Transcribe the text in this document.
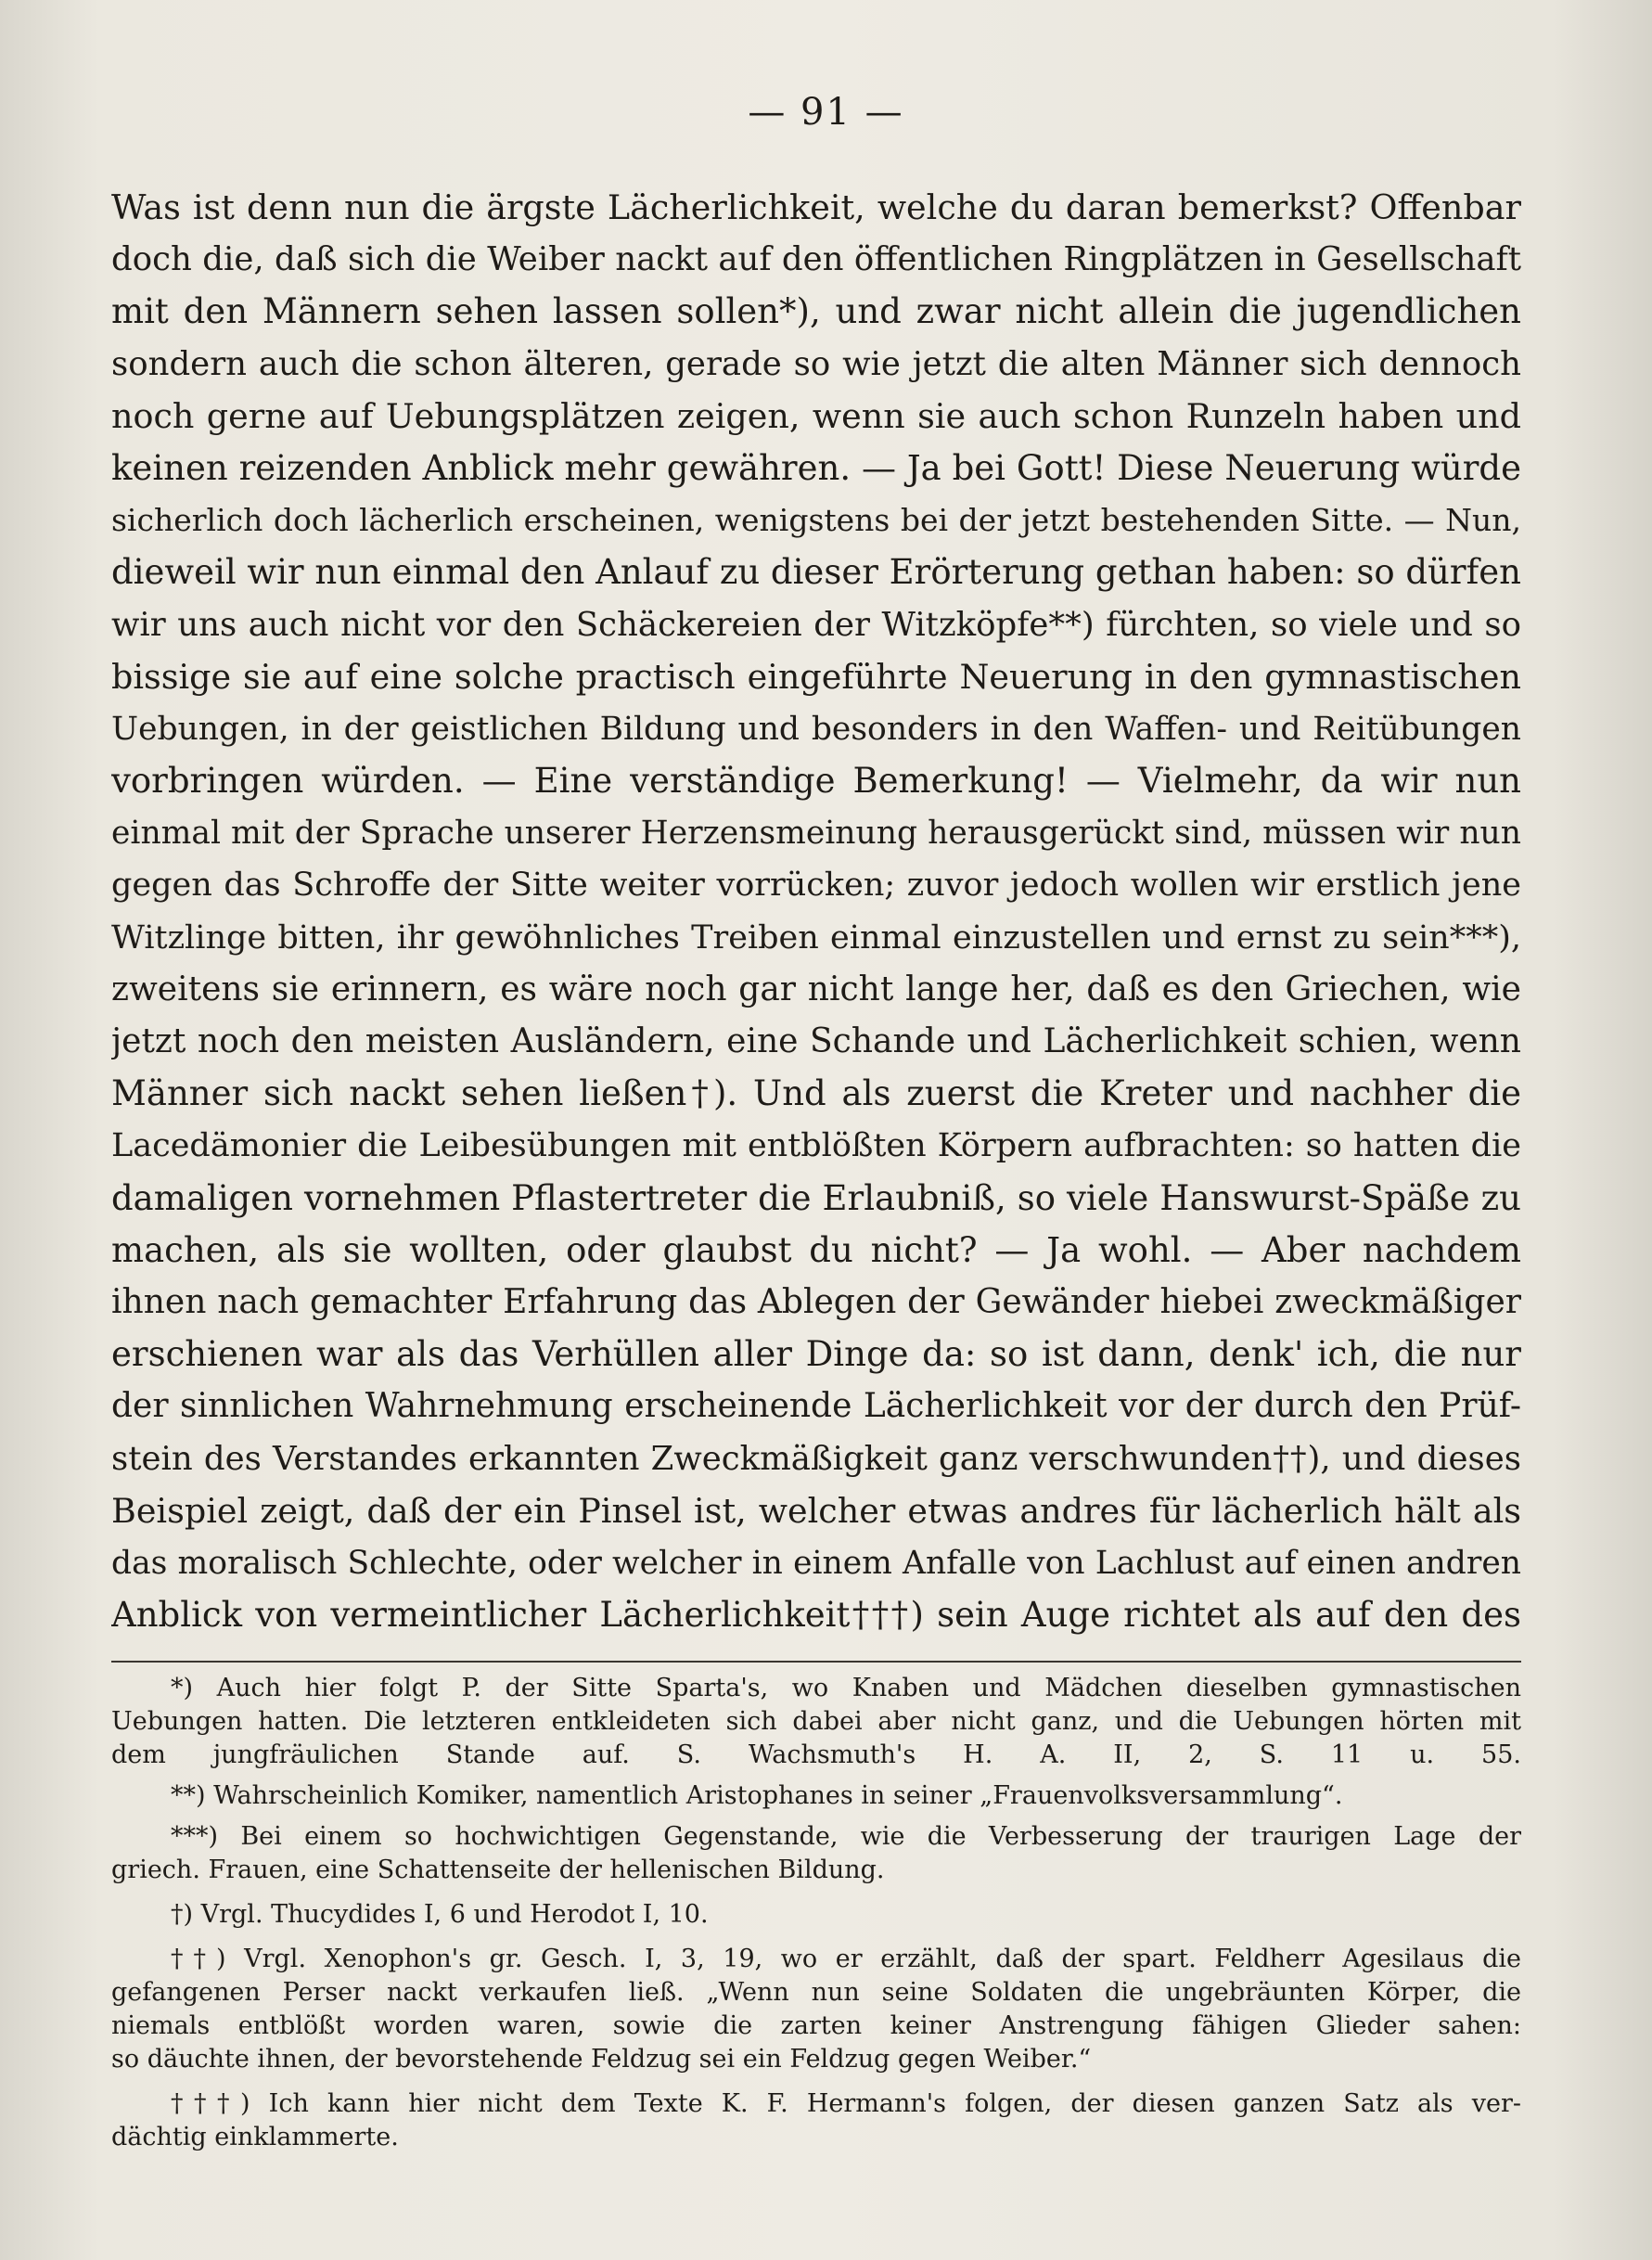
— 91 —
Was ist denn nun die ärgste Lächerlichkeit, welche du daran bemerkst? Offenbar
doch die, daß sich die Weiber nackt auf den öffentlichen Ringplätzen in Gesellschaft
mit den Männern sehen lassen sollen*), und zwar nicht allein die jugendlichen
sondern auch die schon älteren, gerade so wie jetzt die alten Männer sich dennoch
noch gerne auf Uebungsplätzen zeigen, wenn sie auch schon Runzeln haben und
keinen reizenden Anblick mehr gewähren. — Ja bei Gott! Diese Neuerung würde
sicherlich doch lächerlich erscheinen, wenigstens bei der jetzt bestehenden Sitte. — Nun,
dieweil wir nun einmal den Anlauf zu dieser Erörterung gethan haben: so dürfen
wir uns auch nicht vor den Schäckereien der Witzköpfe**) fürchten, so viele und so
bissige sie auf eine solche practisch eingeführte Neuerung in den gymnastischen
Uebungen, in der geistlichen Bildung und besonders in den Waffen- und Reitübungen
vorbringen würden. — Eine verständige Bemerkung! — Vielmehr, da wir nun
einmal mit der Sprache unserer Herzensmeinung herausgerückt sind, müssen wir nun
gegen das Schroffe der Sitte weiter vorrücken; zuvor jedoch wollen wir erstlich jene
Witzlinge bitten, ihr gewöhnliches Treiben einmal einzustellen und ernst zu sein***),
zweitens sie erinnern, es wäre noch gar nicht lange her, daß es den Griechen, wie
jetzt noch den meisten Ausländern, eine Schande und Lächerlichkeit schien, wenn
Männer sich nackt sehen ließen†). Und als zuerst die Kreter und nachher die
Lacedämonier die Leibesübungen mit entblößten Körpern aufbrachten: so hatten die
damaligen vornehmen Pflastertreter die Erlaubniß, so viele Hanswurst-Späße zu
machen, als sie wollten, oder glaubst du nicht? — Ja wohl. — Aber nachdem
ihnen nach gemachter Erfahrung das Ablegen der Gewänder hiebei zweckmäßiger
erschienen war als das Verhüllen aller Dinge da: so ist dann, denk' ich, die nur
der sinnlichen Wahrnehmung erscheinende Lächerlichkeit vor der durch den Prüf-
stein des Verstandes erkannten Zweckmäßigkeit ganz verschwunden††), und dieses
Beispiel zeigt, daß der ein Pinsel ist, welcher etwas andres für lächerlich hält als
das moralisch Schlechte, oder welcher in einem Anfalle von Lachlust auf einen andren
Anblick von vermeintlicher Lächerlichkeit†††) sein Auge richtet als auf den des
*) Auch hier folgt P. der Sitte Sparta's, wo Knaben und Mädchen dieselben gymnastischen
Uebungen hatten. Die letzteren entkleideten sich dabei aber nicht ganz, und die Uebungen hörten mit
dem jungfräulichen Stande auf. S. Wachsmuth's H. A. II, 2, S. 11 u. 55.
**) Wahrscheinlich Komiker, namentlich Aristophanes in seiner „Frauenvolksversammlung“.
***) Bei einem so hochwichtigen Gegenstande, wie die Verbesserung der traurigen Lage der
griech. Frauen, eine Schattenseite der hellenischen Bildung.
†) Vrgl. Thucydides I, 6 und Herodot I, 10.
††) Vrgl. Xenophon's gr. Gesch. I, 3, 19, wo er erzählt, daß der spart. Feldherr Agesilaus die
gefangenen Perser nackt verkaufen ließ. „Wenn nun seine Soldaten die ungebräunten Körper, die
niemals entblößt worden waren, sowie die zarten keiner Anstrengung fähigen Glieder sahen:
so däuchte ihnen, der bevorstehende Feldzug sei ein Feldzug gegen Weiber.“
†††) Ich kann hier nicht dem Texte K. F. Hermann's folgen, der diesen ganzen Satz als ver-
dächtig einklammerte.
